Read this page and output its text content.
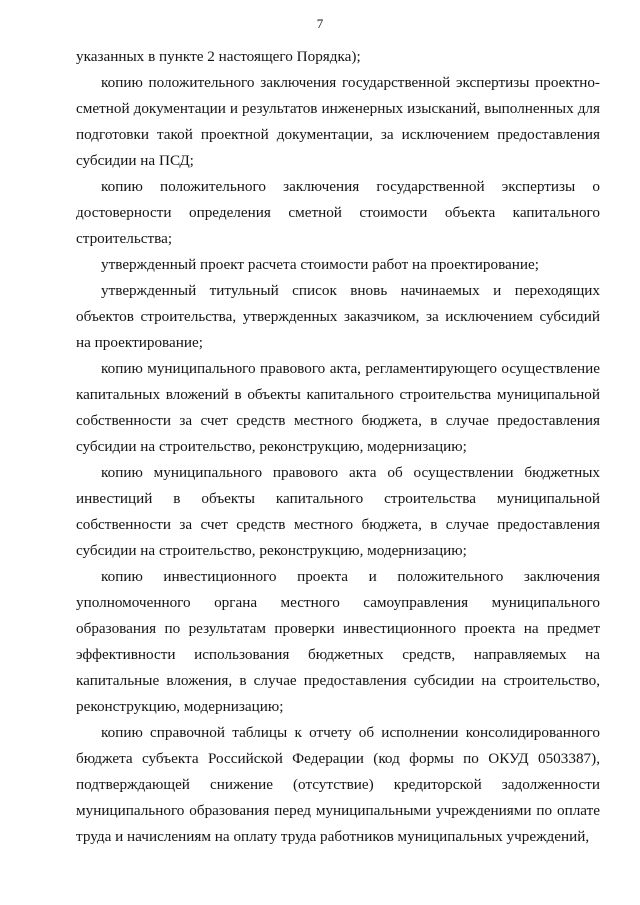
7

указанных в пункте 2 настоящего Порядка);

копию положительного заключения государственной экспертизы проектно-сметной документации и результатов инженерных изысканий, выполненных для подготовки такой проектной документации, за исключением предоставления субсидии на ПСД;

копию положительного заключения государственной экспертизы о достоверности определения сметной стоимости объекта капитального строительства;

утвержденный проект расчета стоимости работ на проектирование;

утвержденный титульный список вновь начинаемых и переходящих объектов строительства, утвержденных заказчиком, за исключением субсидий на проектирование;

копию муниципального правового акта, регламентирующего осуществление капитальных вложений в объекты капитального строительства муниципальной собственности за счет средств местного бюджета, в случае предоставления субсидии на строительство, реконструкцию, модернизацию;

копию муниципального правового акта об осуществлении бюджетных инвестиций в объекты капитального строительства муниципальной собственности за счет средств местного бюджета, в случае предоставления субсидии на строительство, реконструкцию, модернизацию;

копию инвестиционного проекта и положительного заключения уполномоченного органа местного самоуправления муниципального образования по результатам проверки инвестиционного проекта на предмет эффективности использования бюджетных средств, направляемых на капитальные вложения, в случае предоставления субсидии на строительство, реконструкцию, модернизацию;

копию справочной таблицы к отчету об исполнении консолидированного бюджета субъекта Российской Федерации (код формы по ОКУД 0503387), подтверждающей снижение (отсутствие) кредиторской задолженности муниципального образования перед муниципальными учреждениями по оплате труда и начислениям на оплату труда работников муниципальных учреждений,
